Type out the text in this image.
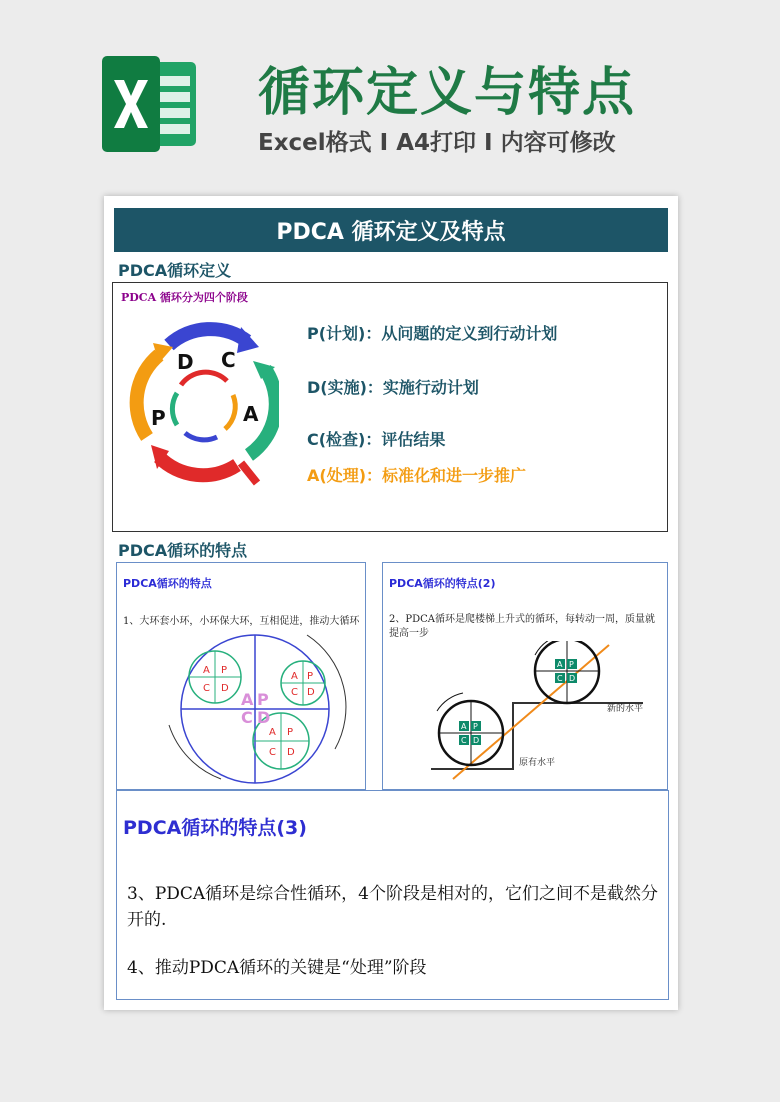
循环定义与特点
Excel格式 I A4打印 I 内容可修改
PDCA 循环定义及特点
PDCA循环定义
PDCA 循环分为四个阶段
P
D C
A
P(计划)：从问题的定义到行动计划
D(实施)：实施行动计划
C(检查)：评估结果
A(处理)：标准化和进一步推广
PDCA循环的特点
PDCA循环的特点
1、大环套小环，小环保大环，互相促进，推动大循环
A P
C D
A P
C D
A P
C D
A P
C D
PDCA循环的特点(2)
2、PDCA循环是爬楼梯上升式的循环，每转动一周，质量就提高一步
A P
C D
A P
C D
新的水平
原有水平
PDCA循环的特点(3)
3、PDCA循环是综合性循环，4个阶段是相对的，它们之间不是截然分开的.
4、推动PDCA循环的关键是“处理”阶段
